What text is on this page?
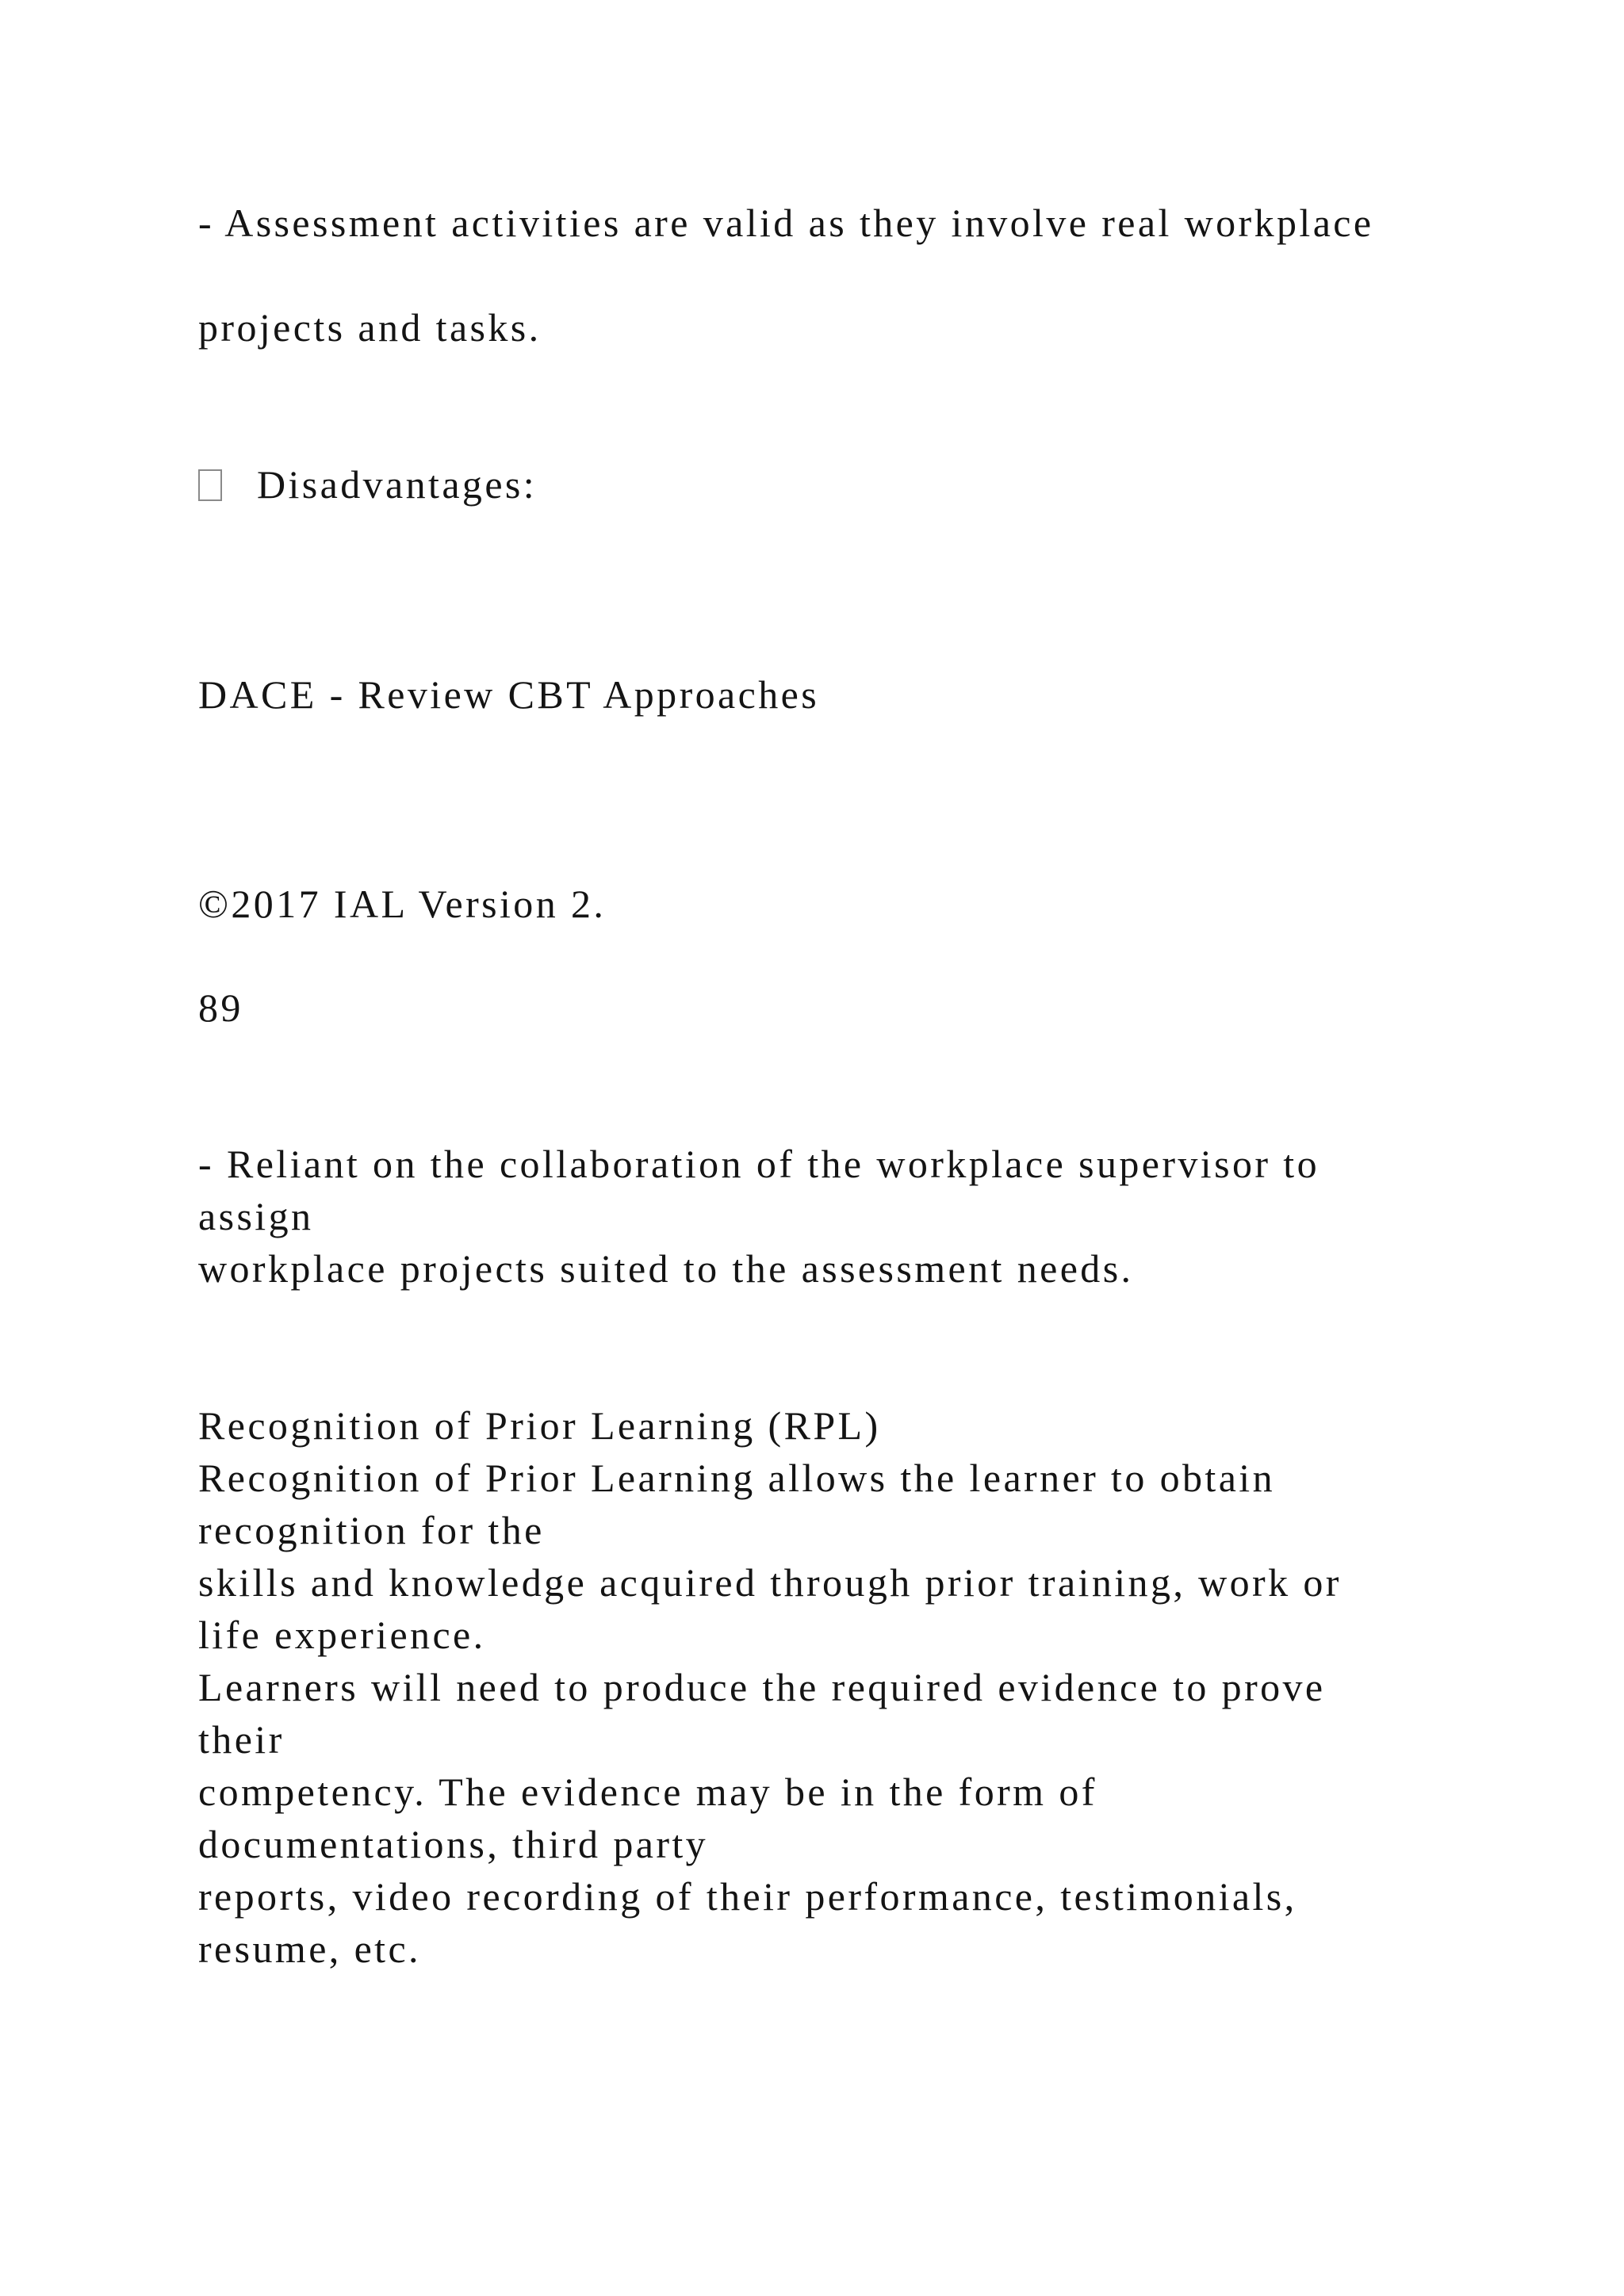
- Assessment activities are valid as they involve real workplace

projects and tasks.

Disadvantages:

DACE - Review CBT Approaches

©2017 IAL Version 2.

89

- Reliant on the collaboration of the workplace supervisor to

assign

workplace projects suited to the assessment needs.

Recognition of Prior Learning (RPL)

Recognition of Prior Learning allows the learner to obtain

recognition for the

skills and knowledge acquired through prior training, work or

life experience.

Learners will need to produce the required evidence to prove

their

competency. The evidence may be in the form of

documentations, third party

reports, video recording of their performance, testimonials,

resume, etc.
